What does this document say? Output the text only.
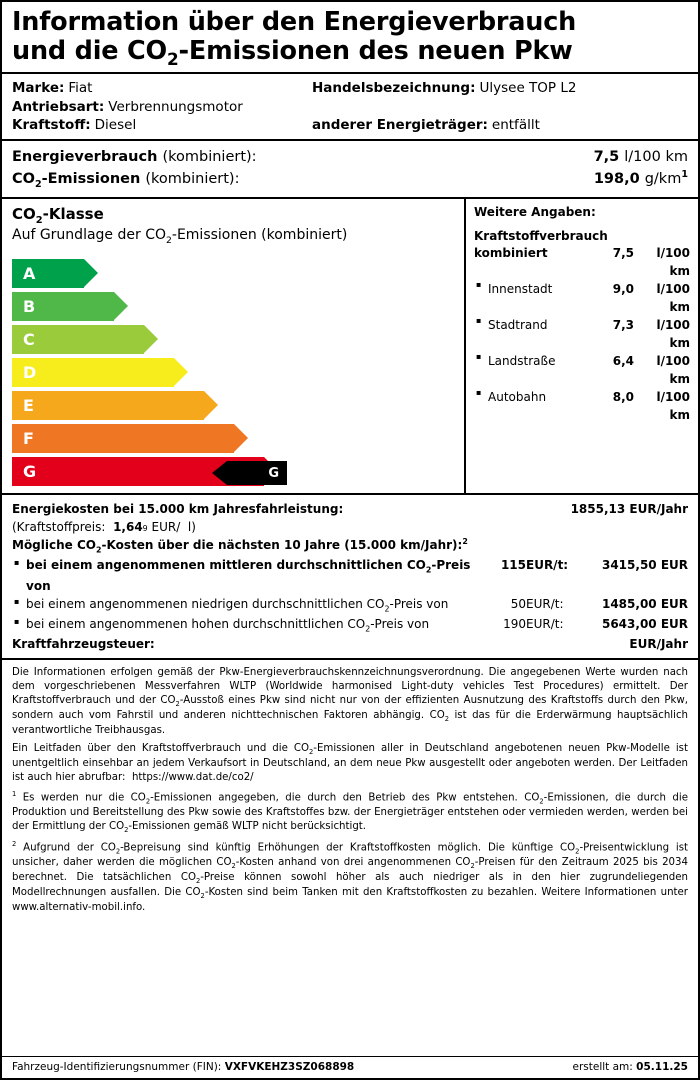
Information über den Energieverbrauch
und die $CO_2$-Emissionen des neuen Pkw
Marke: Fiat	Handelsbezeichnung: Ulysee TOP L2
Antriebsart: Verbrennungsmotor
Kraftstoff: Diesel	anderer Energieträger: entfällt
Energieverbrauch (kombiniert):	7,5 l/100 km
$CO_2$-Emissionen (kombiniert):	198,0 $g/km^1$
$CO_2$-Klasse
Auf Grundlage der $CO_2$-Emissionen (kombiniert)
A
B
C
D
E
F
G	G
Weitere Angaben:
Kraftstoffverbrauch
kombiniert	7,5	l/100 km
▪ Innenstadt	9,0	l/100 km
▪ Stadtrand	7,3	l/100 km
▪ Landstraße	6,4	l/100 km
▪ Autobahn	8,0	l/100 km
Energiekosten bei 15.000 km Jahresfahrleistung:	1855,13 EUR/Jahr
(Kraftstoffpreis:
1,64 9
EUR/
l)
Mögliche $CO_2$-Kosten über die nächsten 10 Jahre (15.000 km/Jahr):$^2$
▪ bei einem angenommenen mittleren durchschnittlichen $CO_2$-Preis von
115 EUR/t:	3415,50 EUR
▪ bei einem angenommenen niedrigen durchschnittlichen $CO_2$-Preis von	50 EUR/t:	1485,00 EUR
▪ bei einem angenommenen hohen durchschnittlichen $CO_2$-Preis von	190 EUR/t:	5643,00 EUR
Kraftfahrzeugsteuer:	EUR/Jahr

Die Informationen erfolgen gemäß der Pkw-Energieverbrauchskennzeichnungsverordnung. Die angegebenen Werte wurden nach dem vorgeschriebenen Messverfahren WLTP (Worldwide harmonised Light-duty vehicles Test Procedures) ermittelt. Der Kraftstoffverbrauch und der $CO_2$-Ausstoß eines Pkw sind nicht nur von der effizienten Ausnutzung des Kraftstoffs durch den Pkw, sondern auch vom Fahrstil und anderen nichttechnischen Faktoren abhängig. $CO_2$ ist das für die Erderwärmung hauptsächlich verantwortliche Treibhausgas.

Ein Leitfaden über den Kraftstoffverbrauch und die $CO_2$-Emissionen aller in Deutschland angebotenen neuen Pkw-Modelle ist unentgeltlich einsehbar an jedem Verkaufsort in Deutschland, an dem neue Pkw ausgestellt oder angeboten werden. Der Leitfaden ist auch hier abrufbar: https://www.dat.de/co2/

$^1$ Es werden nur die $CO_2$-Emissionen angegeben, die durch den Betrieb des Pkw entstehen. $CO_2$-Emissionen, die durch die Produktion und Bereitstellung des Pkw sowie des Kraftstoffes bzw. der Energieträger entstehen oder vermieden werden, werden bei der Ermittlung der $CO_2$-Emissionen gemäß WLTP nicht berücksichtigt.

$^2$ Aufgrund der $CO_2$-Bepreisung sind künftig Erhöhungen der Kraftstoffkosten möglich. Die künftige $CO_2$-Preisentwicklung ist unsicher, daher werden die möglichen $CO_2$-Kosten anhand von drei angenommenen $CO_2$-Preisen für den Zeitraum 2025 bis 2034 berechnet. Die tatsächlichen $CO_2$-Preise können sowohl höher als auch niedriger als in den hier zugrundeliegenden Modellrechnungen ausfallen. Die $CO_2$-Kosten sind beim Tanken mit den Kraftstoffkosten zu bezahlen. Weitere Informationen unter www.alternativ-mobil.info.

Fahrzeug-Identifizierungsnummer (FIN): VXFVKEHZ3SZ068898	erstellt am: 05.11.25
